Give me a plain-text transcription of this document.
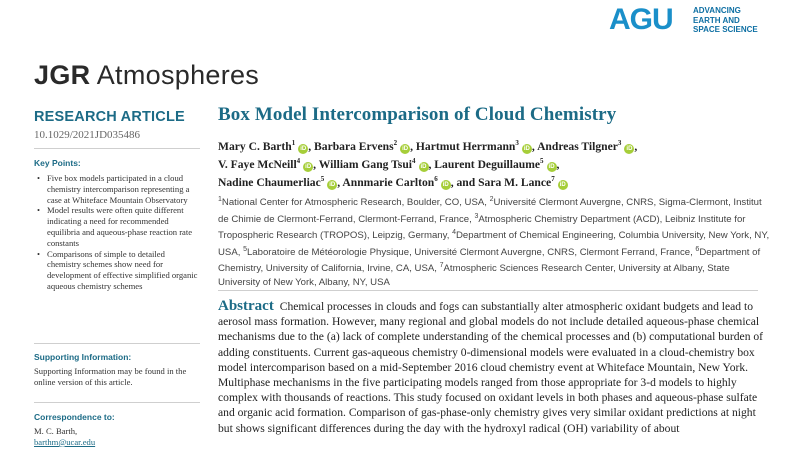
AGU	ADVANCING
EARTH AND
SPACE SCIENCE
JGR Atmospheres
RESEARCH ARTICLE
10.1029/2021JD035486
Key Points:
• Five box models participated in a cloud chemistry intercomparison representing a case at Whiteface Mountain Observatory
• Model results were often quite different indicating a need for recommended equilibria and aqueous-phase reaction rate constants
• Comparisons of simple to detailed chemistry schemes show need for development of effective simplified organic aqueous chemistry schemes
Supporting Information:
Supporting Information may be found in the online version of this article.
Correspondence to:
M. C. Barth,
barthm@ucar.edu
Box Model Intercomparison of Cloud Chemistry
Mary C. Barth$^1$iD , Barbara Ervens$^2$iD , Hartmut Herrmann$^3$iD , Andreas Tilgner$^3$iD ,
V. Faye McNeill$^4$iD , William Gang Tsui$^4$iD , Laurent Deguillaume$^5$iD ,
Nadine Chaumerliac$^5$iD , Annmarie Carlton$^6$iD , and Sara M. Lance$^7$iD
$^1$National Center for Atmospheric Research, Boulder, CO, USA, $^2$Université Clermont Auvergne, CNRS, Sigma-Clermont, Institut de Chimie de Clermont-Ferrand, Clermont-Ferrand, France, $^3$Atmospheric Chemistry Department (ACD), Leibniz Institute for Tropospheric Research (TROPOS), Leipzig, Germany, $^4$Department of Chemical Engineering, Columbia University, New York, NY, USA, $^5$Laboratoire de Météorologie Physique, Université Clermont Auvergne, CNRS, Clermont Ferrand, France, $^6$Department of Chemistry, University of California, Irvine, CA, USA, $^7$Atmospheric Sciences Research Center, University at Albany, State University of New York, Albany, NY, USA
Abstract Chemical processes in clouds and fogs can substantially alter atmospheric oxidant budgets and lead to aerosol mass formation. However, many regional and global models do not include detailed aqueous-phase chemical mechanisms due to the (a) lack of complete understanding of the chemical processes and (b) computational burden of adding constituents. Current gas-aqueous chemistry 0-dimensional models were evaluated in a cloud-chemistry box model intercomparison based on a mid-September 2016 cloud chemistry event at Whiteface Mountain, New York. Multiphase mechanisms in the five participating models ranged from those appropriate for 3-d models to highly complex with thousands of reactions. This study focused on oxidant levels in both phases and aqueous-phase sulfate and organic acid formation. Comparison of gas-phase-only chemistry gives very similar oxidant predictions at night but shows significant differences during the day with the hydroxyl radical (OH) variability of about
